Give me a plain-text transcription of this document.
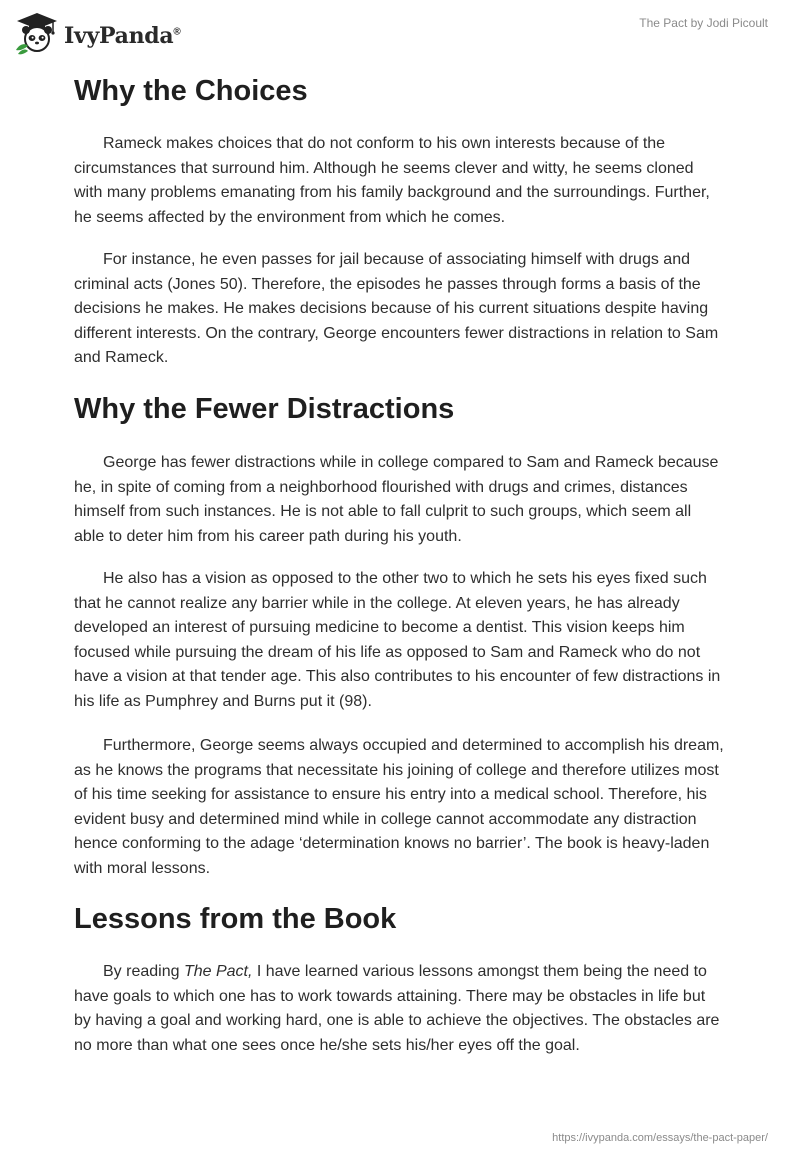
IvyPanda®
The Pact by Jodi Picoult
Why the Choices

Rameck makes choices that do not conform to his own interests because of the circumstances that surround him. Although he seems clever and witty, he seems cloned with many problems emanating from his family background and the surroundings. Further, he seems affected by the environment from which he comes.

For instance, he even passes for jail because of associating himself with drugs and criminal acts (Jones 50). Therefore, the episodes he passes through forms a basis of the decisions he makes. He makes decisions because of his current situations despite having different interests. On the contrary, George encounters fewer distractions in relation to Sam and Rameck.

Why the Fewer Distractions

George has fewer distractions while in college compared to Sam and Rameck because he, in spite of coming from a neighborhood flourished with drugs and crimes, distances himself from such instances. He is not able to fall culprit to such groups, which seem all able to deter him from his career path during his youth.

He also has a vision as opposed to the other two to which he sets his eyes fixed such that he cannot realize any barrier while in the college. At eleven years, he has already developed an interest of pursuing medicine to become a dentist. This vision keeps him focused while pursuing the dream of his life as opposed to Sam and Rameck who do not have a vision at that tender age. This also contributes to his encounter of few distractions in his life as Pumphrey and Burns put it (98).

Furthermore, George seems always occupied and determined to accomplish his dream, as he knows the programs that necessitate his joining of college and therefore utilizes most of his time seeking for assistance to ensure his entry into a medical school. Therefore, his evident busy and determined mind while in college cannot accommodate any distraction hence conforming to the adage ‘determination knows no barrier’. The book is heavy-laden with moral lessons.

Lessons from the Book

By reading The Pact, I have learned various lessons amongst them being the need to have goals to which one has to work towards attaining. There may be obstacles in life but by having a goal and working hard, one is able to achieve the objectives. The obstacles are no more than what one sees once he/she sets his/her eyes off the goal.

https://ivypanda.com/essays/the-pact-paper/
